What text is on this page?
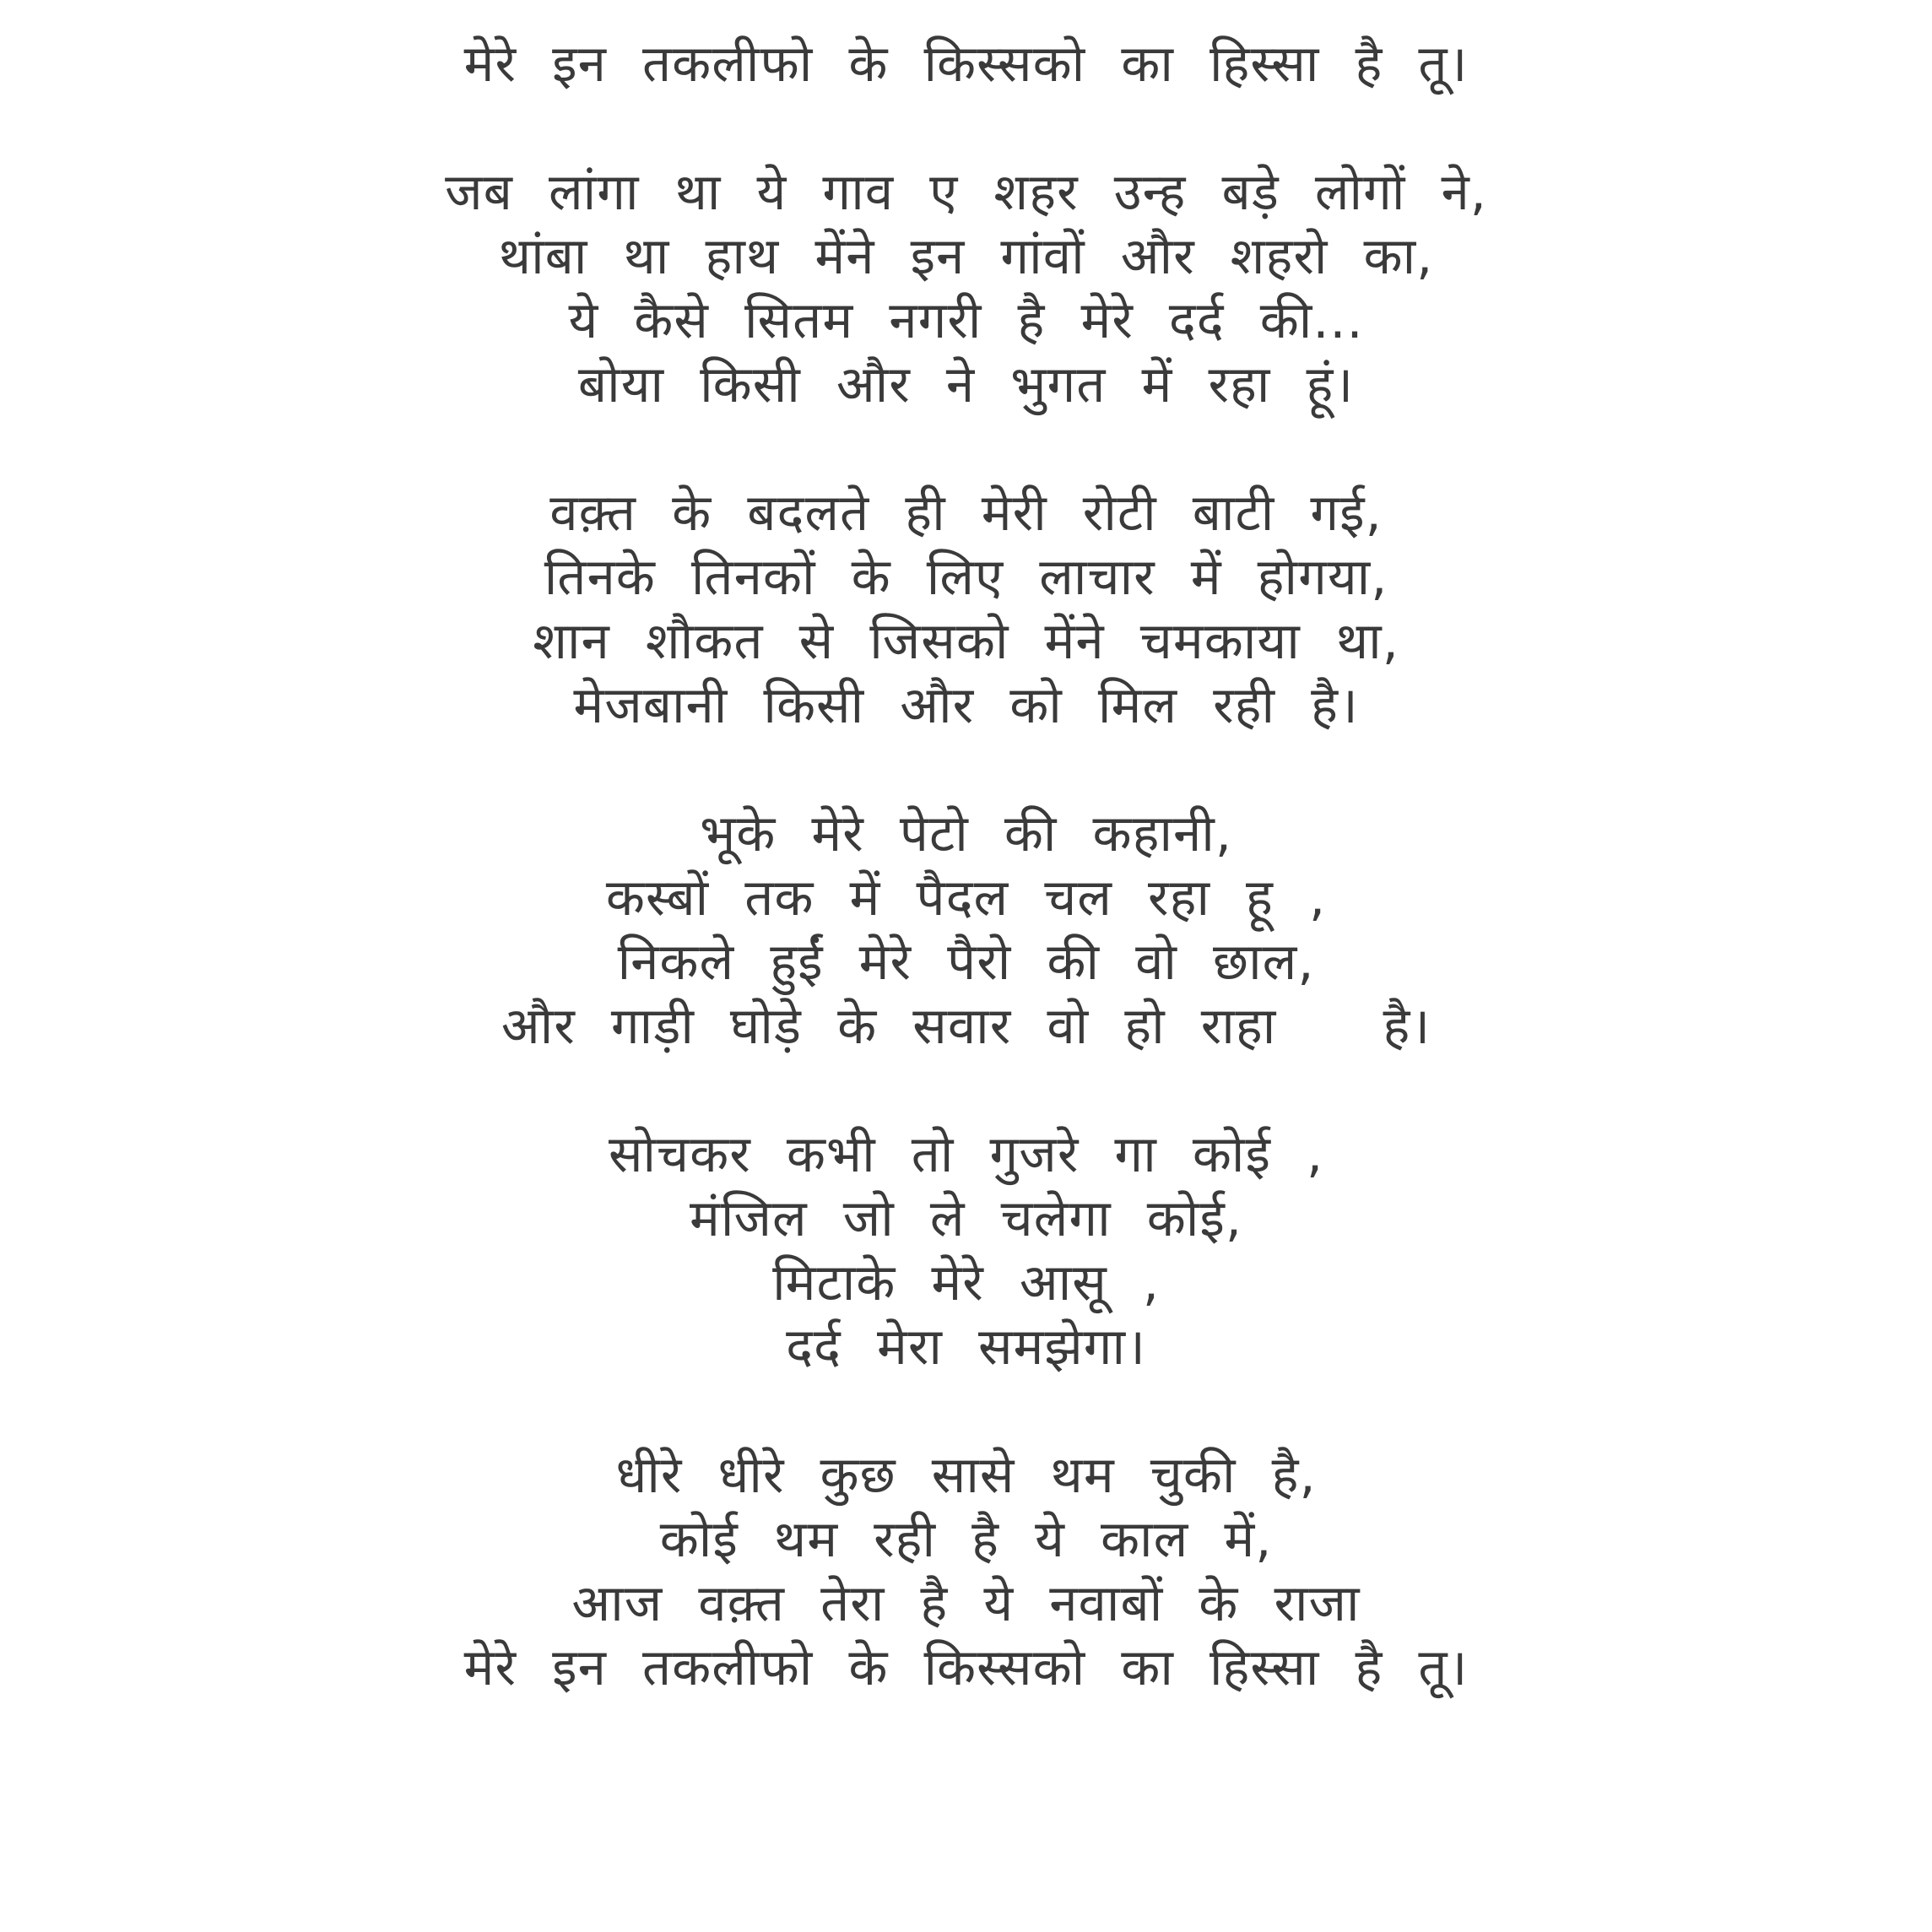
मेरे इन तकलीफो के किस्सको का हिस्सा है तू।
जब लांगा था ये गाव ए शहर उन्ह बड़े लोगों ने,
थांबा था हाथ मेंने इन गांवों और शहरो का,
ये कैसे सितम नगरी है मेरे दर्द की...
बोया किसी और ने भुगत में रहा हूं।
वक़्त के बदलते ही मेरी रोटी बाटी गई,
तिनके तिनकों के लिए लाचार में होगया,
शान शौकत से जिसको मेंने चमकाया था,
मेजबानी किसी और को मिल रही है।
भूके मेरे पेटो की कहानी,
कस्बों तक में पैदल चल रहा हू ,
निकले हुईं मेरे पैरो की वो छाल,
और गाड़ी घोड़े के सवार वो हो राहा   है।
सोचकर कभी तो गुजरे गा कोई ,
मंजिल जो ले चलेगा कोई,
मिटाके मेरे आसू ,
दर्द मेरा समझेगा।
धीरे धीरे कुछ सासे थम चुकी है,
कोई थम रही है ये काल में,
आज वक़्त तेरा है ये नवाबों के राजा
मेरे इन तकलीफो के किस्सको का हिस्सा है तू।
